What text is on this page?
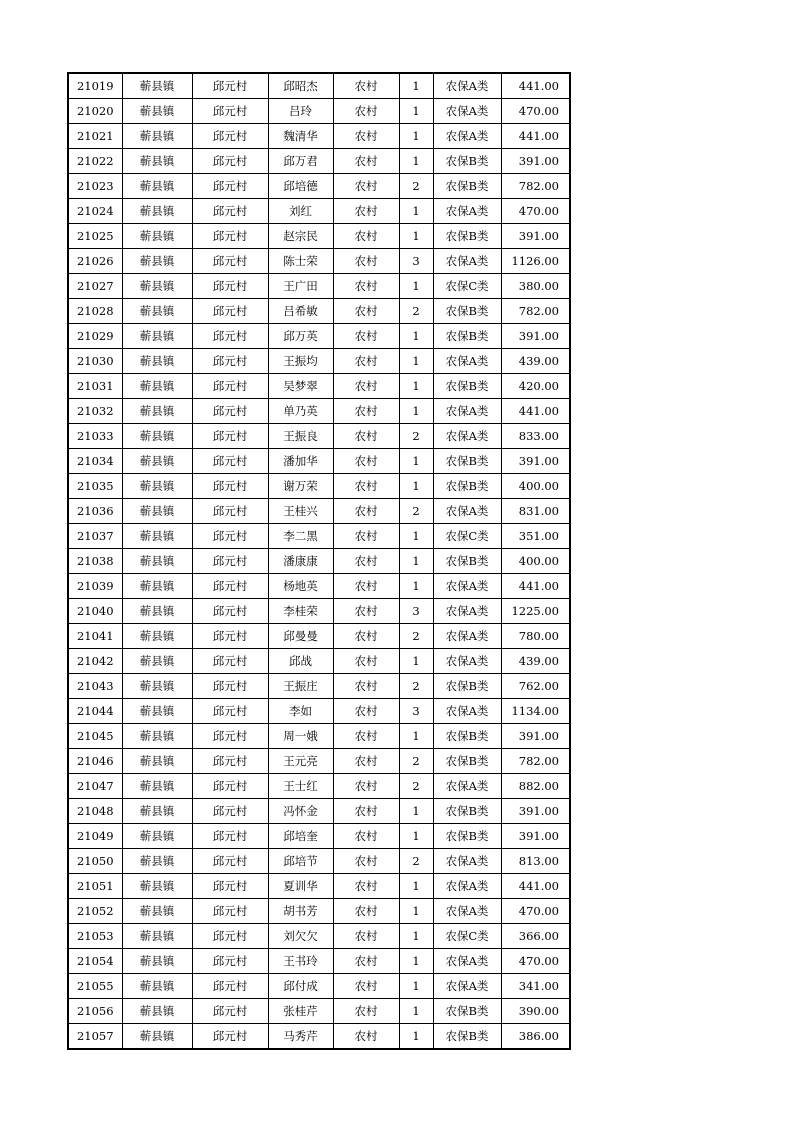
21019	蕲县镇	邱元村	邱昭杰	农村	1	农保A类	441.00
21020	蕲县镇	邱元村	吕玲	农村	1	农保A类	470.00
21021	蕲县镇	邱元村	魏清华	农村	1	农保A类	441.00
21022	蕲县镇	邱元村	邱万君	农村	1	农保B类	391.00
21023	蕲县镇	邱元村	邱培德	农村	2	农保B类	782.00
21024	蕲县镇	邱元村	刘红	农村	1	农保A类	470.00
21025	蕲县镇	邱元村	赵宗民	农村	1	农保B类	391.00
21026	蕲县镇	邱元村	陈士荣	农村	3	农保A类	1126.00
21027	蕲县镇	邱元村	王广田	农村	1	农保C类	380.00
21028	蕲县镇	邱元村	吕希敏	农村	2	农保B类	782.00
21029	蕲县镇	邱元村	邱万英	农村	1	农保B类	391.00
21030	蕲县镇	邱元村	王振均	农村	1	农保A类	439.00
21031	蕲县镇	邱元村	吴梦翠	农村	1	农保B类	420.00
21032	蕲县镇	邱元村	单乃英	农村	1	农保A类	441.00
21033	蕲县镇	邱元村	王振良	农村	2	农保A类	833.00
21034	蕲县镇	邱元村	潘加华	农村	1	农保B类	391.00
21035	蕲县镇	邱元村	谢万荣	农村	1	农保B类	400.00
21036	蕲县镇	邱元村	王桂兴	农村	2	农保A类	831.00
21037	蕲县镇	邱元村	李二黑	农村	1	农保C类	351.00
21038	蕲县镇	邱元村	潘康康	农村	1	农保B类	400.00
21039	蕲县镇	邱元村	杨地英	农村	1	农保A类	441.00
21040	蕲县镇	邱元村	李桂荣	农村	3	农保A类	1225.00
21041	蕲县镇	邱元村	邱曼曼	农村	2	农保A类	780.00
21042	蕲县镇	邱元村	邱战	农村	1	农保A类	439.00
21043	蕲县镇	邱元村	王振庄	农村	2	农保B类	762.00
21044	蕲县镇	邱元村	李如	农村	3	农保A类	1134.00
21045	蕲县镇	邱元村	周一娥	农村	1	农保B类	391.00
21046	蕲县镇	邱元村	王元亮	农村	2	农保B类	782.00
21047	蕲县镇	邱元村	王士红	农村	2	农保A类	882.00
21048	蕲县镇	邱元村	冯怀金	农村	1	农保B类	391.00
21049	蕲县镇	邱元村	邱培奎	农村	1	农保B类	391.00
21050	蕲县镇	邱元村	邱培节	农村	2	农保A类	813.00
21051	蕲县镇	邱元村	夏训华	农村	1	农保A类	441.00
21052	蕲县镇	邱元村	胡书芳	农村	1	农保A类	470.00
21053	蕲县镇	邱元村	刘欠欠	农村	1	农保C类	366.00
21054	蕲县镇	邱元村	王书玲	农村	1	农保A类	470.00
21055	蕲县镇	邱元村	邱付成	农村	1	农保A类	341.00
21056	蕲县镇	邱元村	张桂芹	农村	1	农保B类	390.00
21057	蕲县镇	邱元村	马秀芹	农村	1	农保B类	386.00
